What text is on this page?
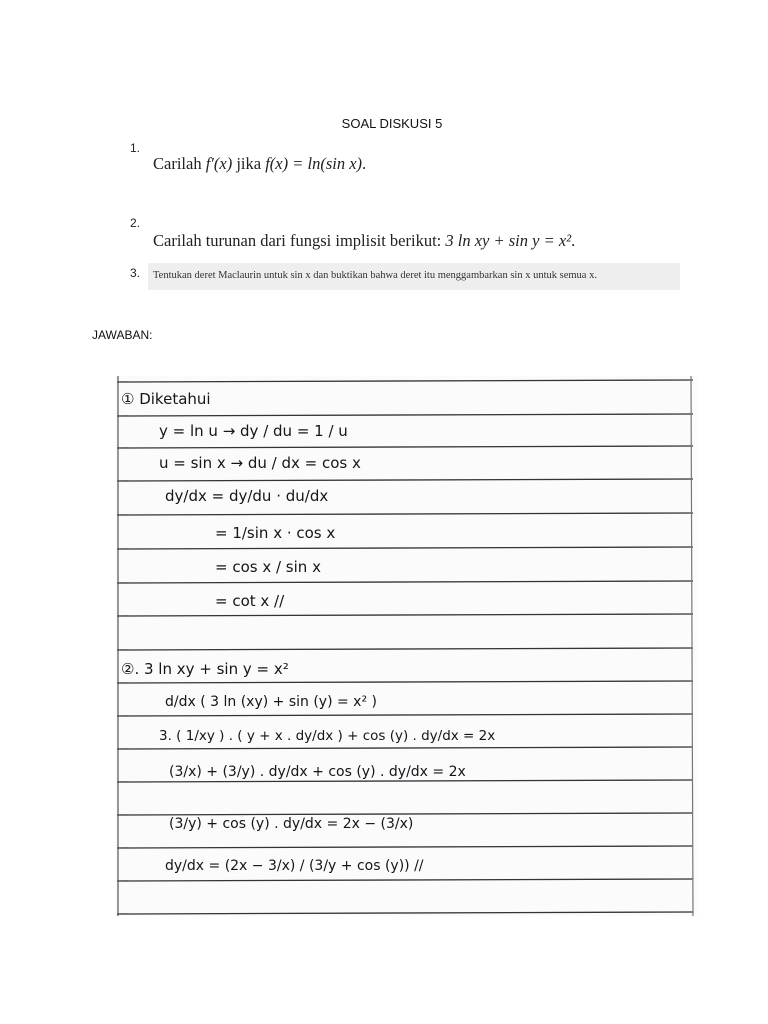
SOAL DISKUSI 5
1.
Carilah f′(x) jika f(x) = ln(sin x).
2.
Carilah turunan dari fungsi implisit berikut: 3 ln xy + sin y = x².
3. Tentukan deret Maclaurin untuk sin x dan buktikan bahwa deret itu menggambarkan sin x untuk semua x.
JAWABAN:
① Diketahui
y = ln u → dy / du = 1 / u
u = sin x → du / dx = cos x
dy/dx = dy/du · du/dx
= 1/sin x · cos x
= cos x / sin x
= cot x //
②. 3 ln xy + sin y = x²
d/dx ( 3 ln (xy) + sin (y) = x² )
3. ( 1/xy ) . ( y + x . dy/dx ) + cos (y) . dy/dx = 2x
(3/x) + (3/y) . dy/dx + cos (y) . dy/dx = 2x
(3/y) + cos (y) . dy/dx = 2x − (3/x)
dy/dx = (2x − 3/x) / (3/y + cos (y)) //
